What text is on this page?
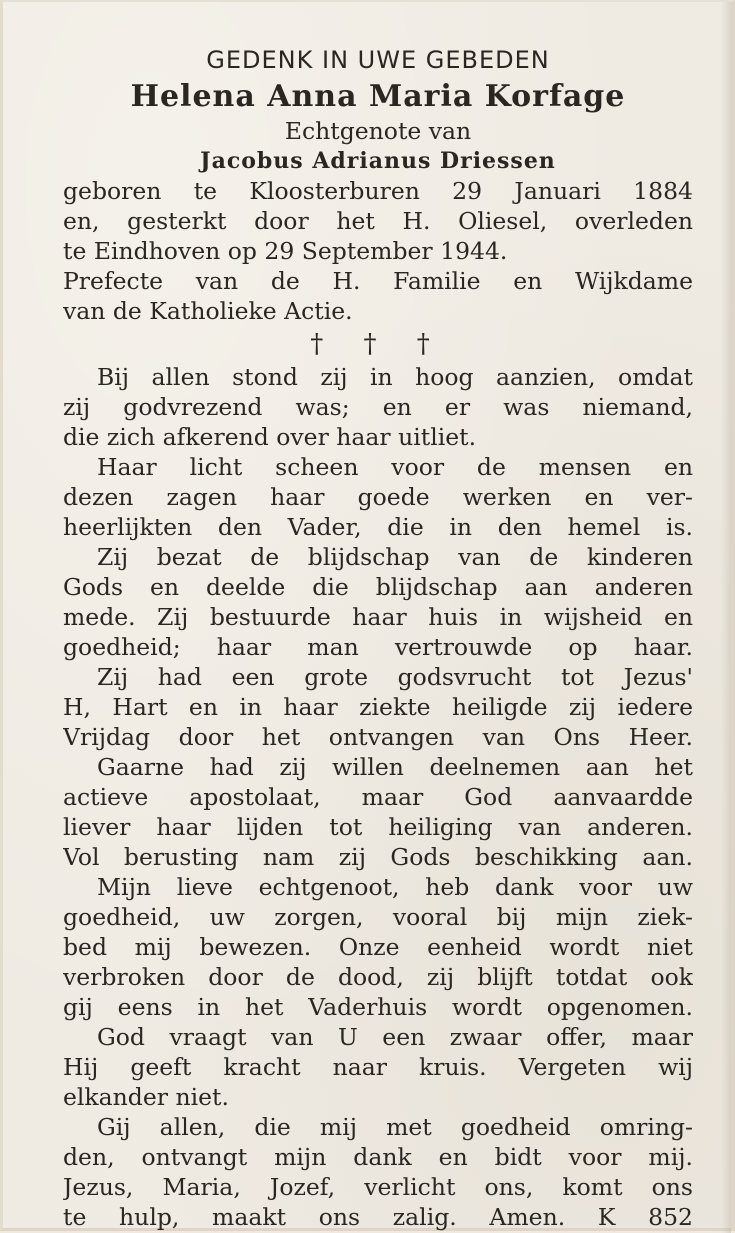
GEDENK IN UWE GEBEDEN
Helena Anna Maria Korfage
Echtgenote van
Jacobus Adrianus Driessen
geboren te Kloosterburen 29 Januari 1884
en, gesterkt door het H. Oliesel, overleden
te Eindhoven op 29 September 1944.
Prefecte van de H. Familie en Wijkdame
van de Katholieke Actie.
† † †
Bij allen stond zij in hoog aanzien, omdat
zij godvrezend was; en er was niemand,
die zich afkerend over haar uitliet.
Haar licht scheen voor de mensen en
dezen zagen haar goede werken en ver-
heerlijkten den Vader, die in den hemel is.
Zij bezat de blijdschap van de kinderen
Gods en deelde die blijdschap aan anderen
mede. Zij bestuurde haar huis in wijsheid en
goedheid; haar man vertrouwde op haar.
Zij had een grote godsvrucht tot Jezus'
H, Hart en in haar ziekte heiligde zij iedere
Vrijdag door het ontvangen van Ons Heer.
Gaarne had zij willen deelnemen aan het
actieve apostolaat, maar God aanvaardde
liever haar lijden tot heiliging van anderen.
Vol berusting nam zij Gods beschikking aan.
Mijn lieve echtgenoot, heb dank voor uw
goedheid, uw zorgen, vooral bij mijn ziek-
bed mij bewezen. Onze eenheid wordt niet
verbroken door de dood, zij blijft totdat ook
gij eens in het Vaderhuis wordt opgenomen.
God vraagt van U een zwaar offer, maar
Hij geeft kracht naar kruis. Vergeten wij
elkander niet.
Gij allen, die mij met goedheid omring-
den, ontvangt mijn dank en bidt voor mij.
Jezus, Maria, Jozef, verlicht ons, komt ons
te hulp, maakt ons zalig. Amen. K 852
